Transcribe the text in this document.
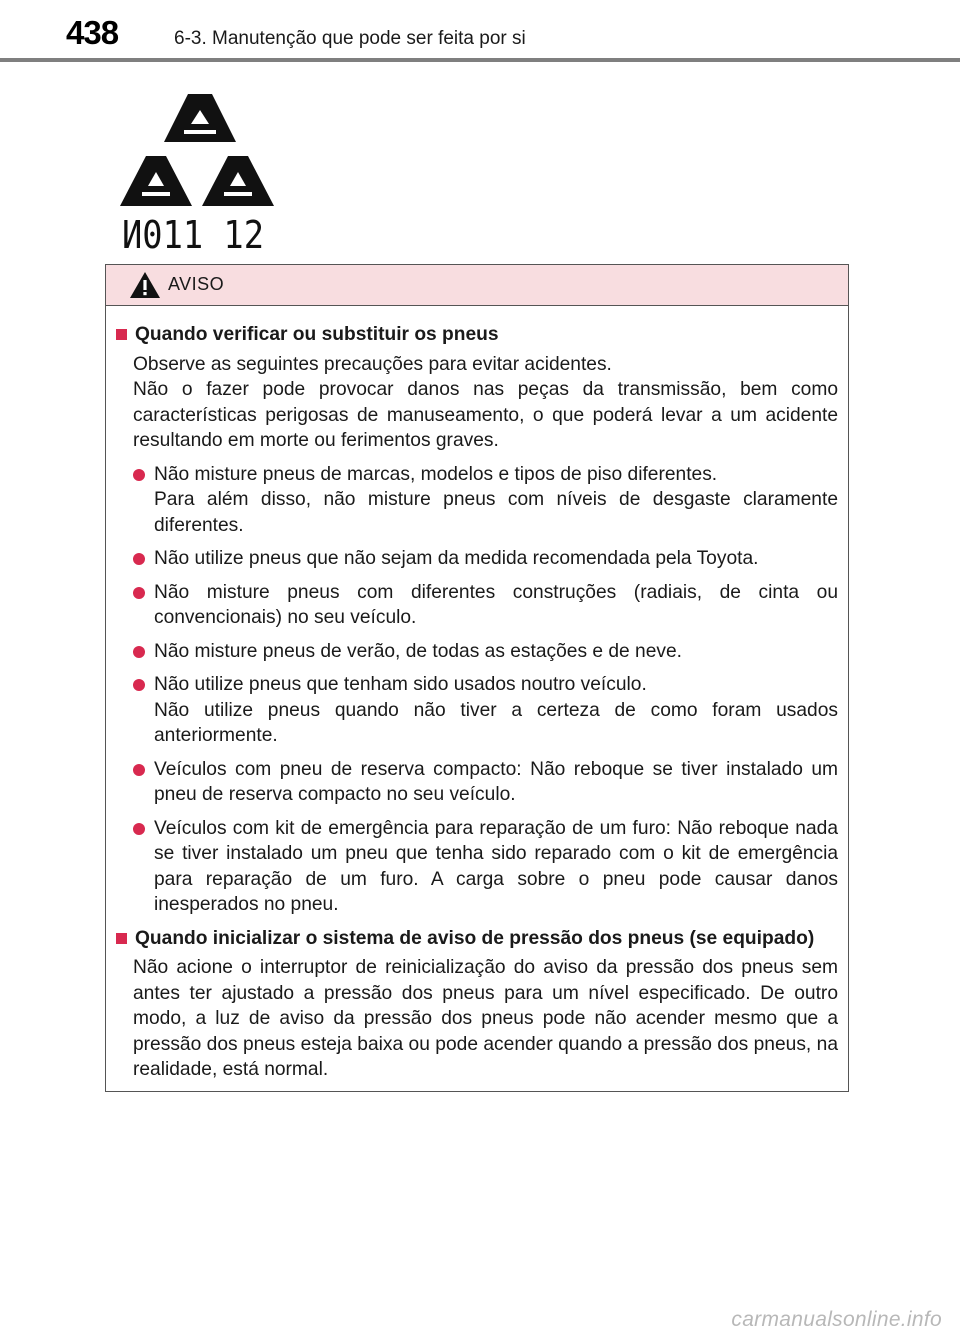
438	6-3. Manutenção que pode ser feita por si
И011 12
AVISO
Quando verificar ou substituir os pneus

Observe as seguintes precauções para evitar acidentes.

Não o fazer pode provocar danos nas peças da transmissão, bem como características perigosas de manuseamento, o que poderá levar a um acidente resultando em morte ou ferimentos graves.

Não misture pneus de marcas, modelos e tipos de piso diferentes.

Para além disso, não misture pneus com níveis de desgaste claramente diferentes.

Não utilize pneus que não sejam da medida recomendada pela Toyota.

Não misture pneus com diferentes construções (radiais, de cinta ou convencionais) no seu veículo.

Não misture pneus de verão, de todas as estações e de neve.

Não utilize pneus que tenham sido usados noutro veículo.

Não utilize pneus quando não tiver a certeza de como foram usados anteriormente.

Veículos com pneu de reserva compacto: Não reboque se tiver instalado um pneu de reserva compacto no seu veículo.

Veículos com kit de emergência para reparação de um furo: Não reboque nada se tiver instalado um pneu que tenha sido reparado com o kit de emergência para reparação de um furo. A carga sobre o pneu pode causar danos inesperados no pneu.

Quando inicializar o sistema de aviso de pressão dos pneus (se equipado)

Não acione o interruptor de reinicialização do aviso da pressão dos pneus sem antes ter ajustado a pressão dos pneus para um nível especificado. De outro modo, a luz de aviso da pressão dos pneus pode não acender mesmo que a pressão dos pneus esteja baixa ou pode acender quando a pressão dos pneus, na realidade, está normal.

carmanualsonline.info
